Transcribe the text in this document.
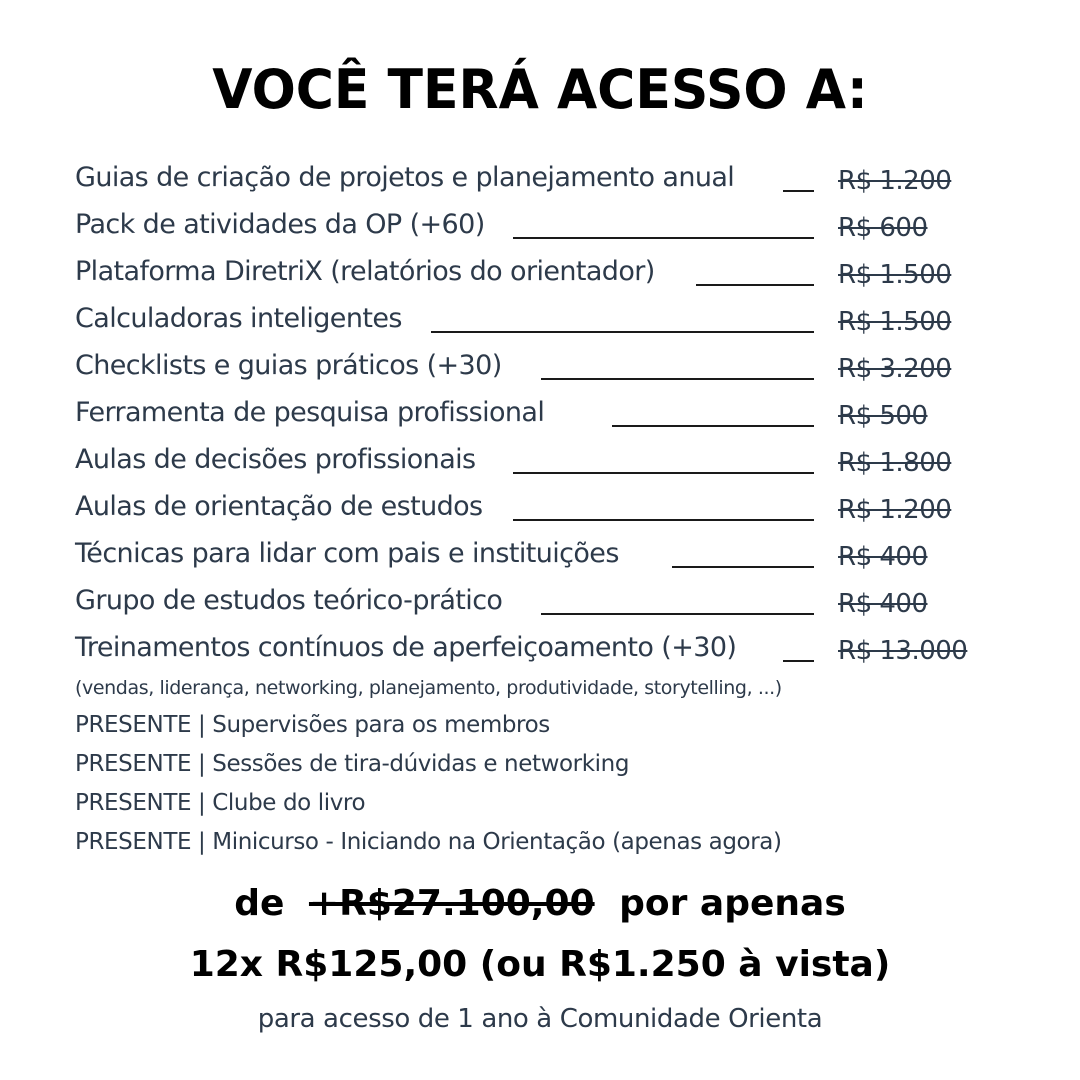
VOCÊ TERÁ ACESSO A:
Guias de criação de projetos e planejamento anual	R$ 1.200
Pack de atividades da OP (+60)	R$ 600
Plataforma DiretriX (relatórios do orientador)	R$ 1.500
Calculadoras inteligentes	R$ 1.500
Checklists e guias práticos (+30)	R$ 3.200
Ferramenta de pesquisa profissional	R$ 500
Aulas de decisões profissionais	R$ 1.800
Aulas de orientação de estudos	R$ 1.200
Técnicas para lidar com pais e instituições	R$ 400
Grupo de estudos teórico-prático	R$ 400
Treinamentos contínuos de aperfeiçoamento (+30)	R$ 13.000
(vendas, liderança, networking, planejamento, produtividade, storytelling, ...)
PRESENTE | Supervisões para os membros
PRESENTE | Sessões de tira-dúvidas e networking
PRESENTE | Clube do livro
PRESENTE | Minicurso - Iniciando na Orientação (apenas agora)
de +R$27.100,00 por apenas
12x R$125,00 (ou R$1.250 à vista)
para acesso de 1 ano à Comunidade Orienta
